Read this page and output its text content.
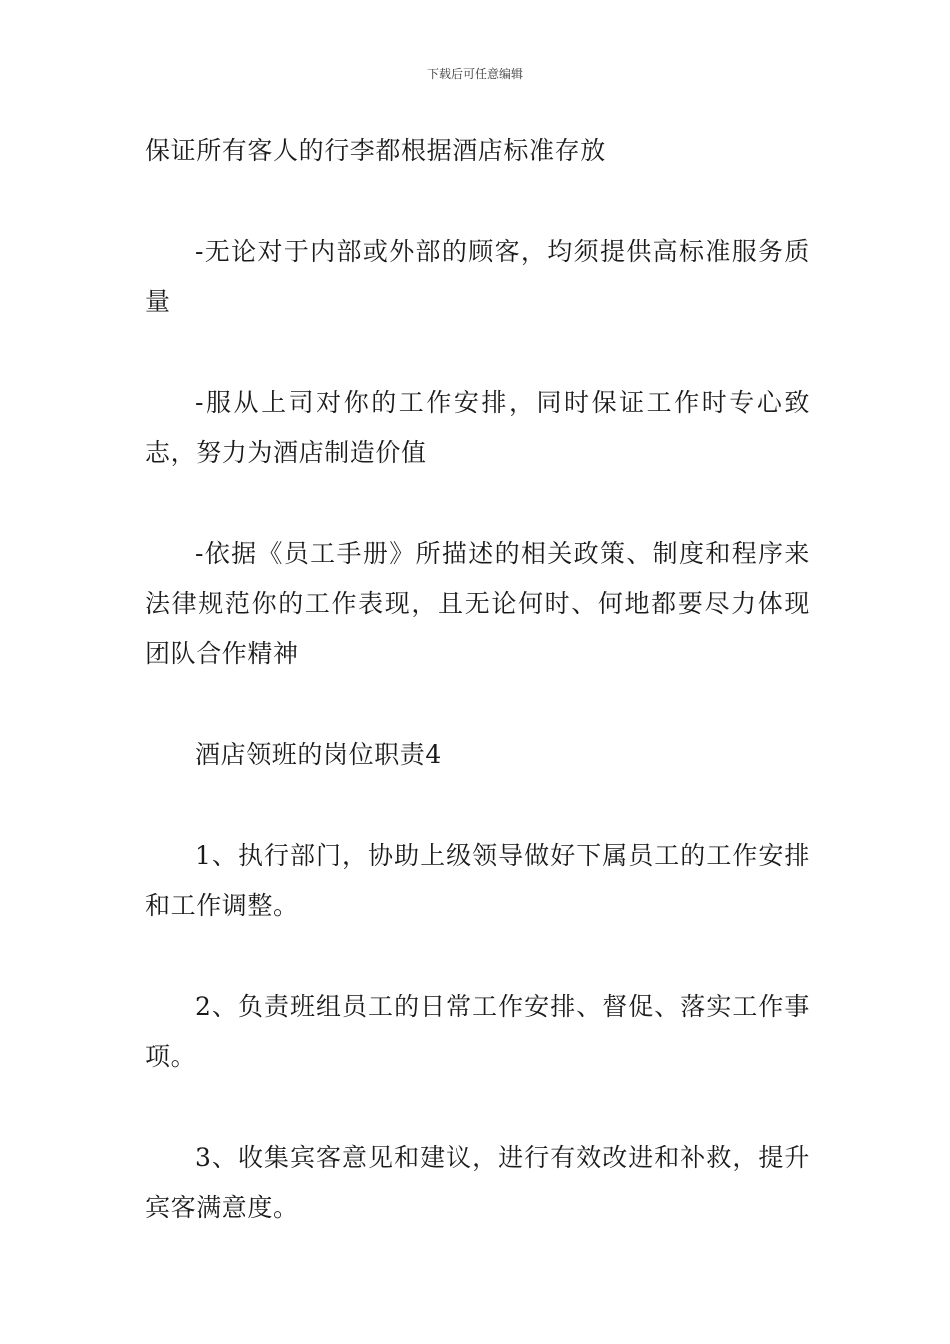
下载后可任意编辑

保证所有客人的行李都根据酒店标准存放

-无论对于内部或外部的顾客，均须提供高标准服务质量

-服从上司对你的工作安排，同时保证工作时专心致志，努力为酒店制造价值

-依据《员工手册》所描述的相关政策、制度和程序来法律规范你的工作表现，且无论何时、何地都要尽力体现团队合作精神

酒店领班的岗位职责4

1、执行部门，协助上级领导做好下属员工的工作安排和工作调整。

2、负责班组员工的日常工作安排、督促、落实工作事项。

3、收集宾客意见和建议，进行有效改进和补救，提升宾客满意度。
